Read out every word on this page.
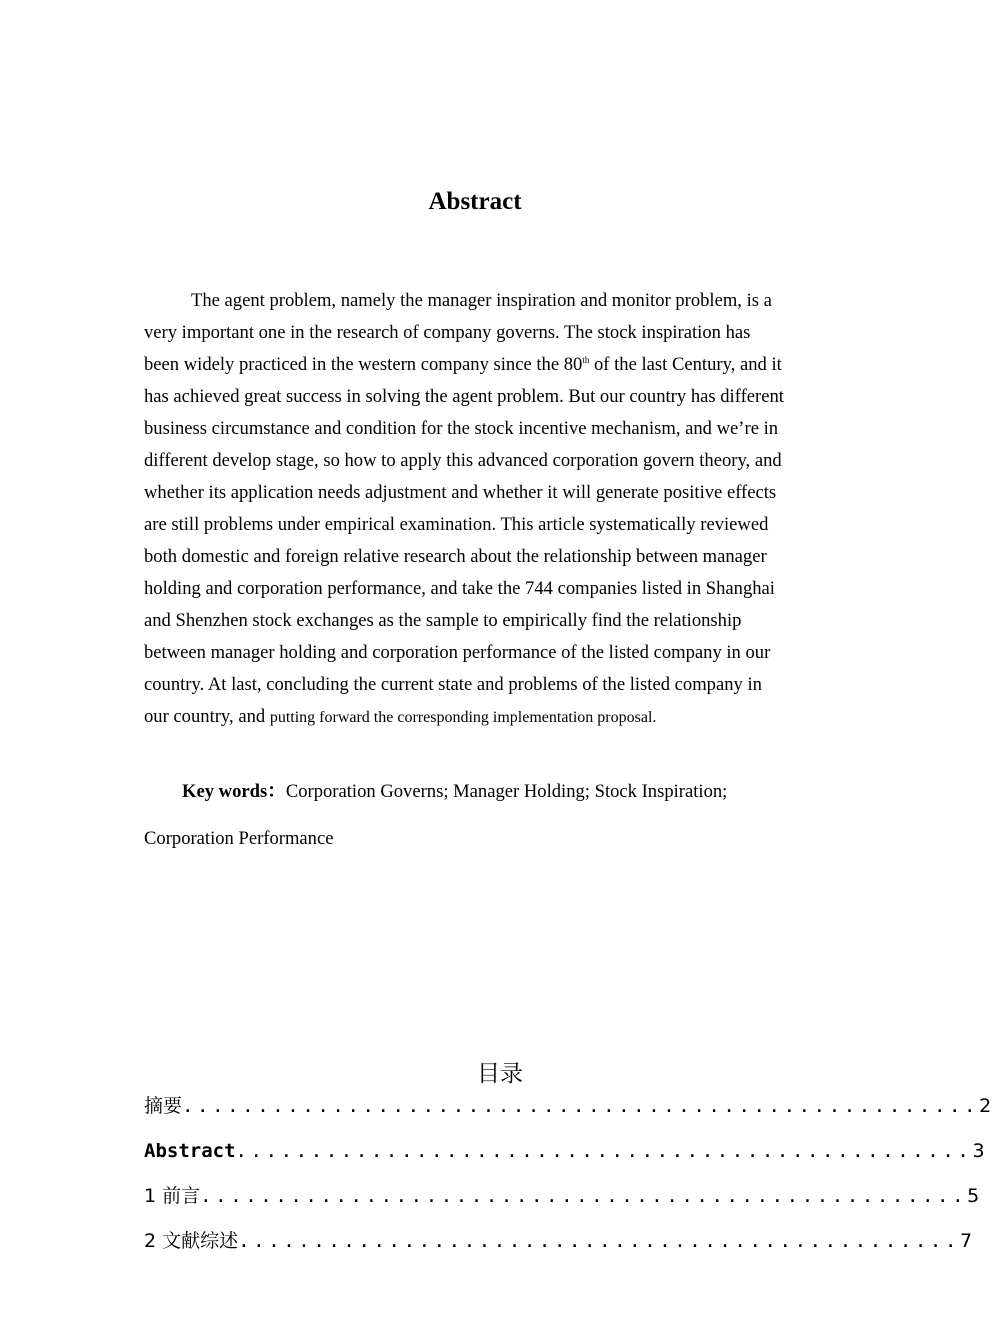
Abstract
The agent problem, namely the manager inspiration and monitor problem, is a
very important one in the research of company governs. The stock inspiration has
been widely practiced in the western company since the 80th of the last Century, and it
has achieved great success in solving the agent problem. But our country has different
business circumstance and condition for the stock incentive mechanism, and we’re in
different develop stage, so how to apply this advanced corporation govern theory, and
whether its application needs adjustment and whether it will generate positive effects
are still problems under empirical examination. This article systematically reviewed
both domestic and foreign relative research about the relationship between manager
holding and corporation performance, and take the 744 companies listed in Shanghai
and Shenzhen stock exchanges as the sample to empirically find the relationship
between manager holding and corporation performance of the listed company in our
country. At last, concluding the current state and problems of the listed company in
our country, and putting forward the corresponding implementation proposal.
Key words：Corporation Governs; Manager Holding; Stock Inspiration;
Corporation Performance
目录
摘要 ..................................................... 2
Abstract ................................................. 3
1 前言 ................................................... 5
2 文献综述 ................................................ 7
